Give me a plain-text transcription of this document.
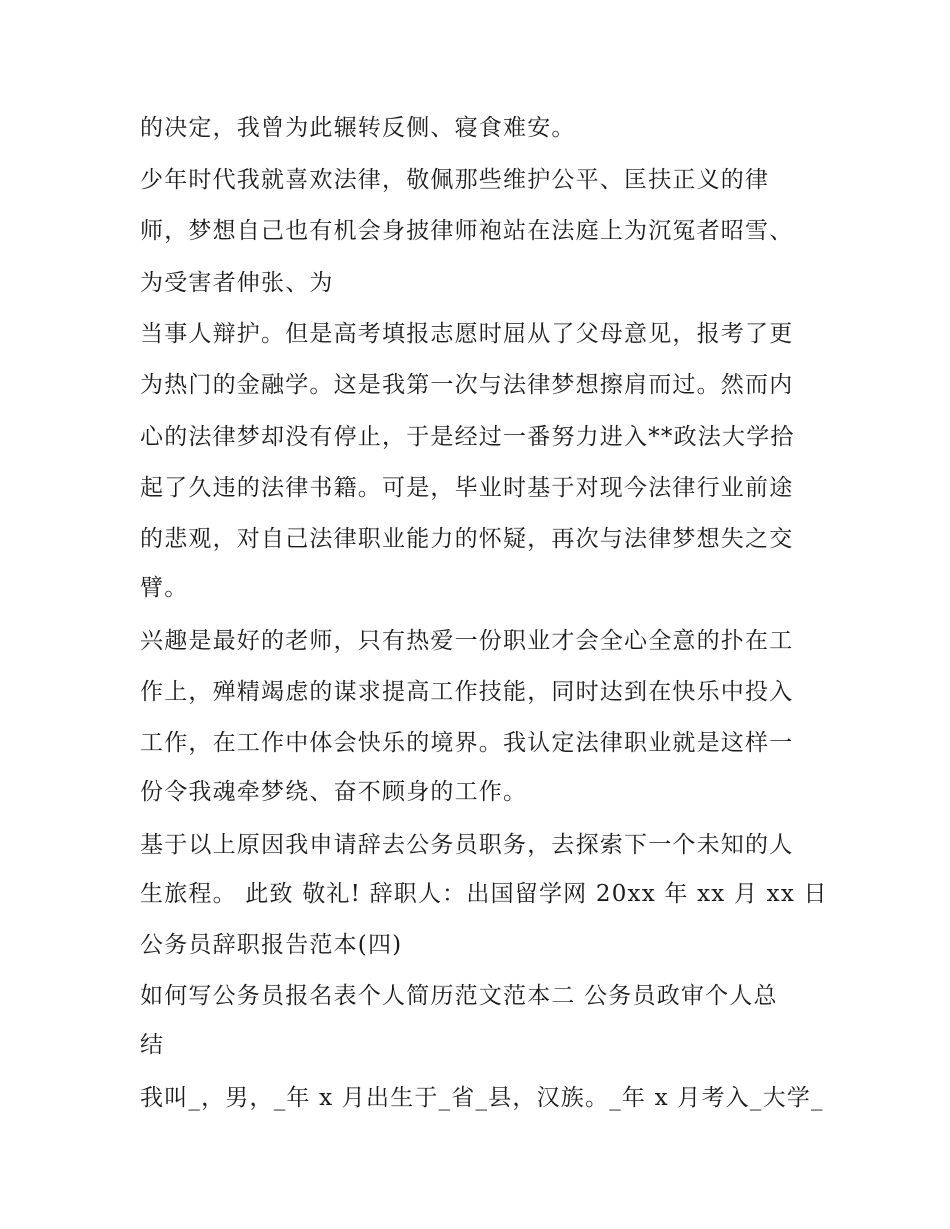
的决定，我曾为此辗转反侧、寝食难安。

少年时代我就喜欢法律，敬佩那些维护公平、匡扶正义的律

师，梦想自己也有机会身披律师袍站在法庭上为沉冤者昭雪、

为受害者伸张、为

当事人辩护。但是高考填报志愿时屈从了父母意见，报考了更

为热门的金融学。这是我第一次与法律梦想擦肩而过。然而内

心的法律梦却没有停止，于是经过一番努力进入**政法大学拾

起了久违的法律书籍。可是，毕业时基于对现今法律行业前途

的悲观，对自己法律职业能力的怀疑，再次与法律梦想失之交

臂。

兴趣是最好的老师，只有热爱一份职业才会全心全意的扑在工

作上，殚精竭虑的谋求提高工作技能，同时达到在快乐中投入

工作，在工作中体会快乐的境界。我认定法律职业就是这样一

份令我魂牵梦绕、奋不顾身的工作。

基于以上原因我申请辞去公务员职务，去探索下一个未知的人

生旅程。 此致 敬礼! 辞职人：出国留学网 20xx 年 xx 月 xx 日

公务员辞职报告范本(四)

如何写公务员报名表个人简历范文范本二 公务员政审个人总

结

我叫_，男，_年 x 月出生于_省_县，汉族。_年 x 月考入_大学_
